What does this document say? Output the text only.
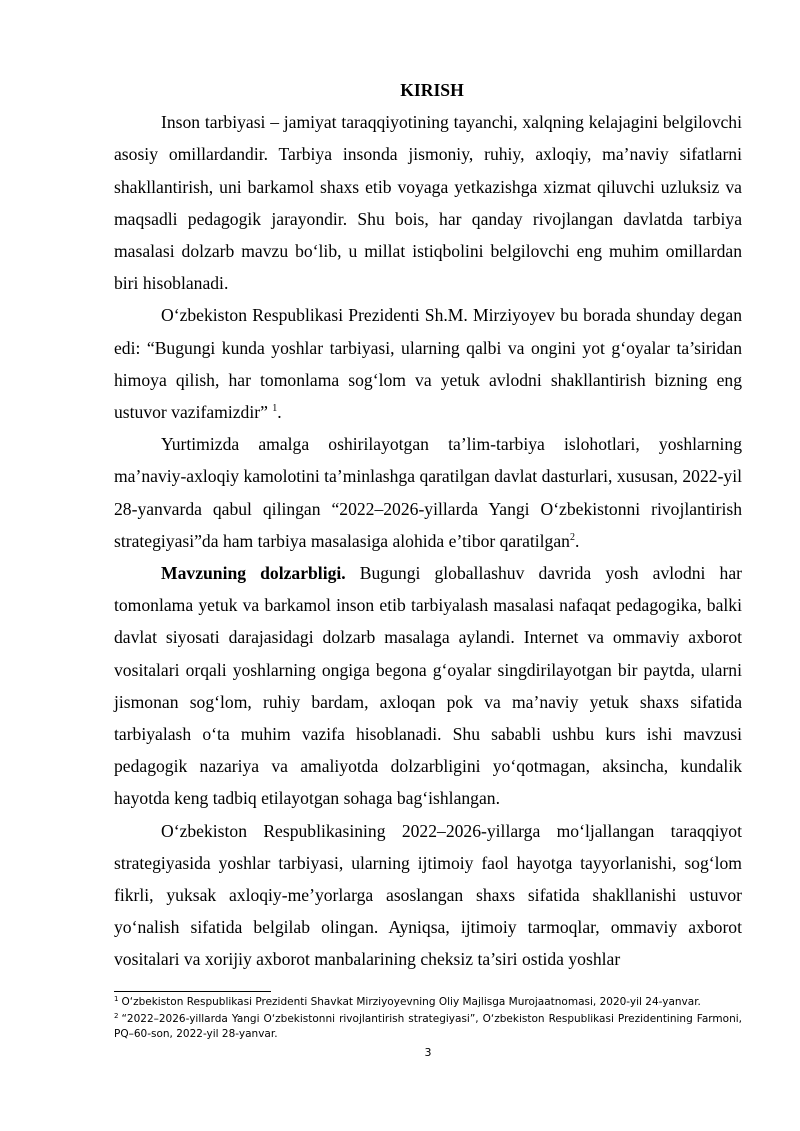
KIRISH

Inson tarbiyasi – jamiyat taraqqiyotining tayanchi, xalqning kelajagini belgilovchi asosiy omillardandir. Tarbiya insonda jismoniy, ruhiy, axloqiy, ma’naviy sifatlarni shakllantirish, uni barkamol shaxs etib voyaga yetkazishga xizmat qiluvchi uzluksiz va maqsadli pedagogik jarayondir. Shu bois, har qanday rivojlangan davlatda tarbiya masalasi dolzarb mavzu bo‘lib, u millat istiqbolini belgilovchi eng muhim omillardan biri hisoblanadi.

O‘zbekiston Respublikasi Prezidenti Sh.M. Mirziyoyev bu borada shunday degan edi: “Bugungi kunda yoshlar tarbiyasi, ularning qalbi va ongini yot g‘oyalar ta’siridan himoya qilish, har tomonlama sog‘lom va yetuk avlodni shakllantirish bizning eng ustuvor vazifamizdir” $^1$.

Yurtimizda amalga oshirilayotgan ta’lim-tarbiya islohotlari, yoshlarning ma’naviy-axloqiy kamolotini ta’minlashga qaratilgan davlat dasturlari, xususan, 2022-yil 28-yanvarda qabul qilingan “2022–2026-yillarda Yangi O‘zbekistonni rivojlantirish strategiyasi”da ham tarbiya masalasiga alohida e’tibor qaratilgan$^2$.

Mavzuning dolzarbligi. Bugungi globallashuv davrida yosh avlodni har tomonlama yetuk va barkamol inson etib tarbiyalash masalasi nafaqat pedagogika, balki davlat siyosati darajasidagi dolzarb masalaga aylandi. Internet va ommaviy axborot vositalari orqali yoshlarning ongiga begona g‘oyalar singdirilayotgan bir paytda, ularni jismonan sog‘lom, ruhiy bardam, axloqan pok va ma’naviy yetuk shaxs sifatida tarbiyalash o‘ta muhim vazifa hisoblanadi. Shu sababli ushbu kurs ishi mavzusi pedagogik nazariya va amaliyotda dolzarbligini yo‘qotmagan, aksincha, kundalik hayotda keng tadbiq etilayotgan sohaga bag‘ishlangan.

O‘zbekiston Respublikasining 2022–2026-yillarga mo‘ljallangan taraqqiyot strategiyasida yoshlar tarbiyasi, ularning ijtimoiy faol hayotga tayyorlanishi, sog‘lom fikrli, yuksak axloqiy-me’yorlarga asoslangan shaxs sifatida shakllanishi ustuvor yo‘nalish sifatida belgilab olingan. Ayniqsa, ijtimoiy tarmoqlar, ommaviy axborot vositalari va xorijiy axborot manbalarining cheksiz ta’siri ostida yoshlar

$^1$ O‘zbekiston Respublikasi Prezidenti Shavkat Mirziyoyevning Oliy Majlisga Murojaatnomasi, 2020-yil 24-yanvar.

$^2$ “2022–2026-yillarda Yangi O‘zbekistonni rivojlantirish strategiyasi”, O‘zbekiston Respublikasi Prezidentining Farmoni, PQ–60-son, 2022-yil 28-yanvar.

3
